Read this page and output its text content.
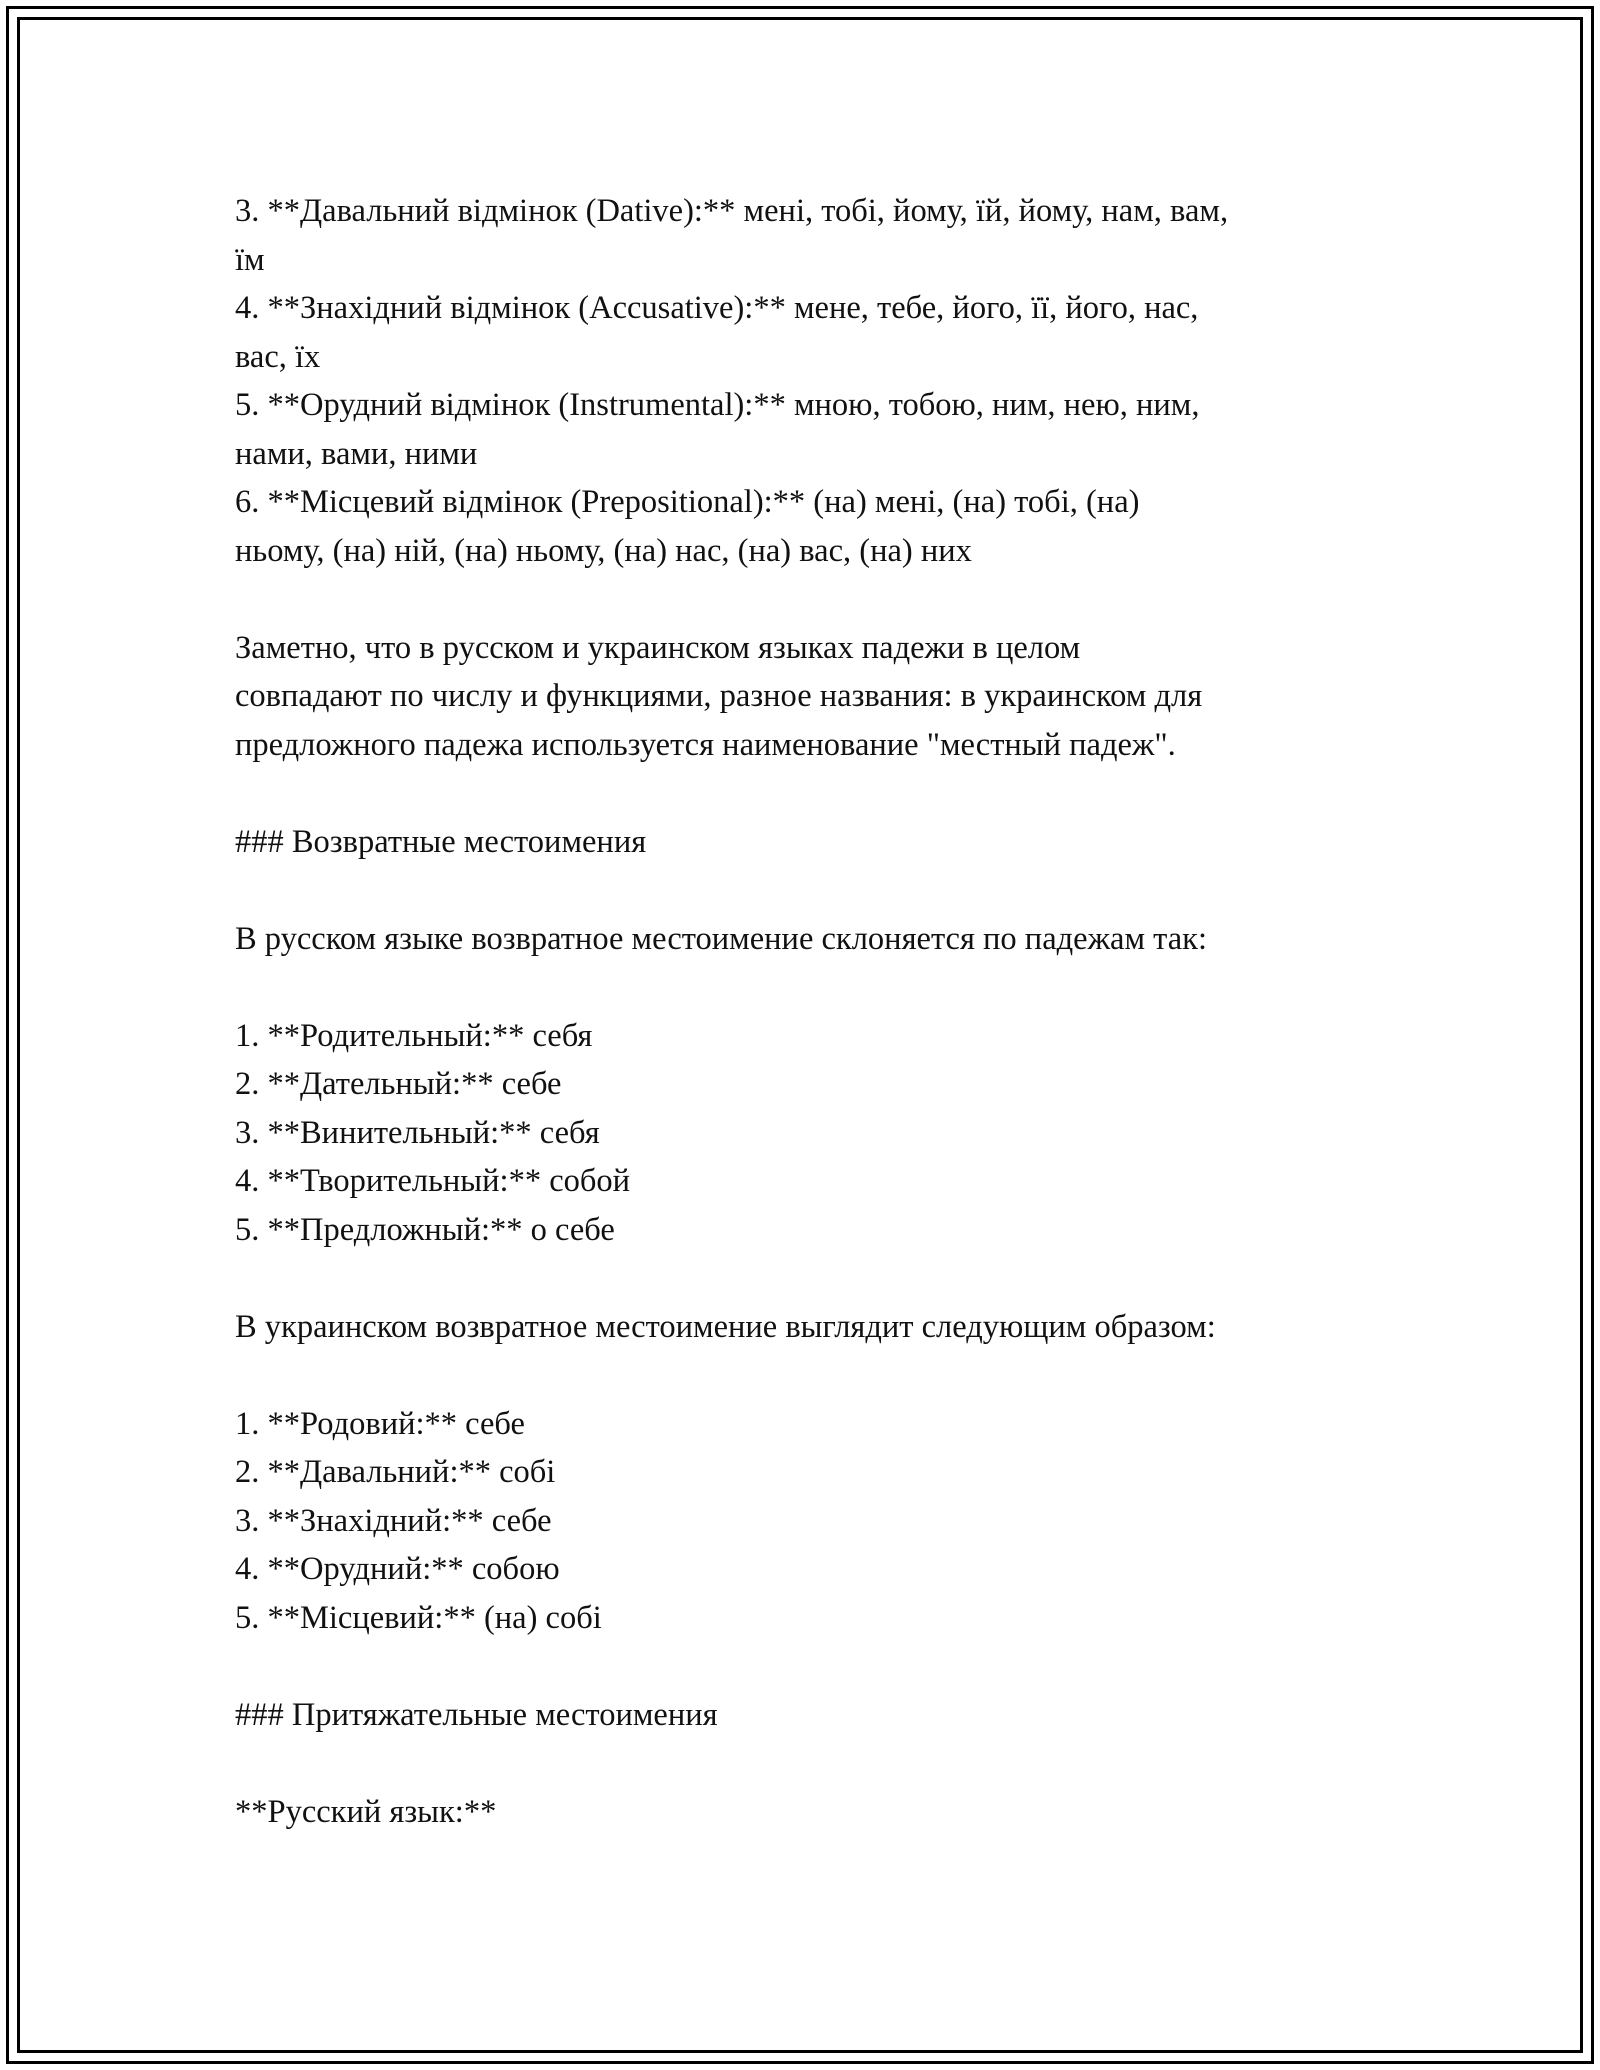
3. **Давальний відмінок (Dative):** мені, тобі, йому, їй, йому, нам, вам,
їм
4. **Знахідний відмінок (Accusative):** мене, тебе, його, її, його, нас,
вас, їх
5. **Орудний відмінок (Instrumental):** мною, тобою, ним, нею, ним,
нами, вами, ними
6. **Місцевий відмінок (Prepositional):** (на) мені, (на) тобі, (на)
ньому, (на) ній, (на) ньому, (на) нас, (на) вас, (на) них
Заметно, что в русском и украинском языках падежи в целом
совпадают по числу и функциями, разное названия: в украинском для
предложного падежа используется наименование "местный падеж".
### Возвратные местоимения
В русском языке возвратное местоимение склоняется по падежам так:
1. **Родительный:** себя
2. **Дательный:** себе
3. **Винительный:** себя
4. **Творительный:** собой
5. **Предложный:** о себе
В украинском возвратное местоимение выглядит следующим образом:
1. **Родовий:** себе
2. **Давальний:** собі
3. **Знахідний:** себе
4. **Орудний:** собою
5. **Місцевий:** (на) собі
### Притяжательные местоимения
**Русский язык:**
